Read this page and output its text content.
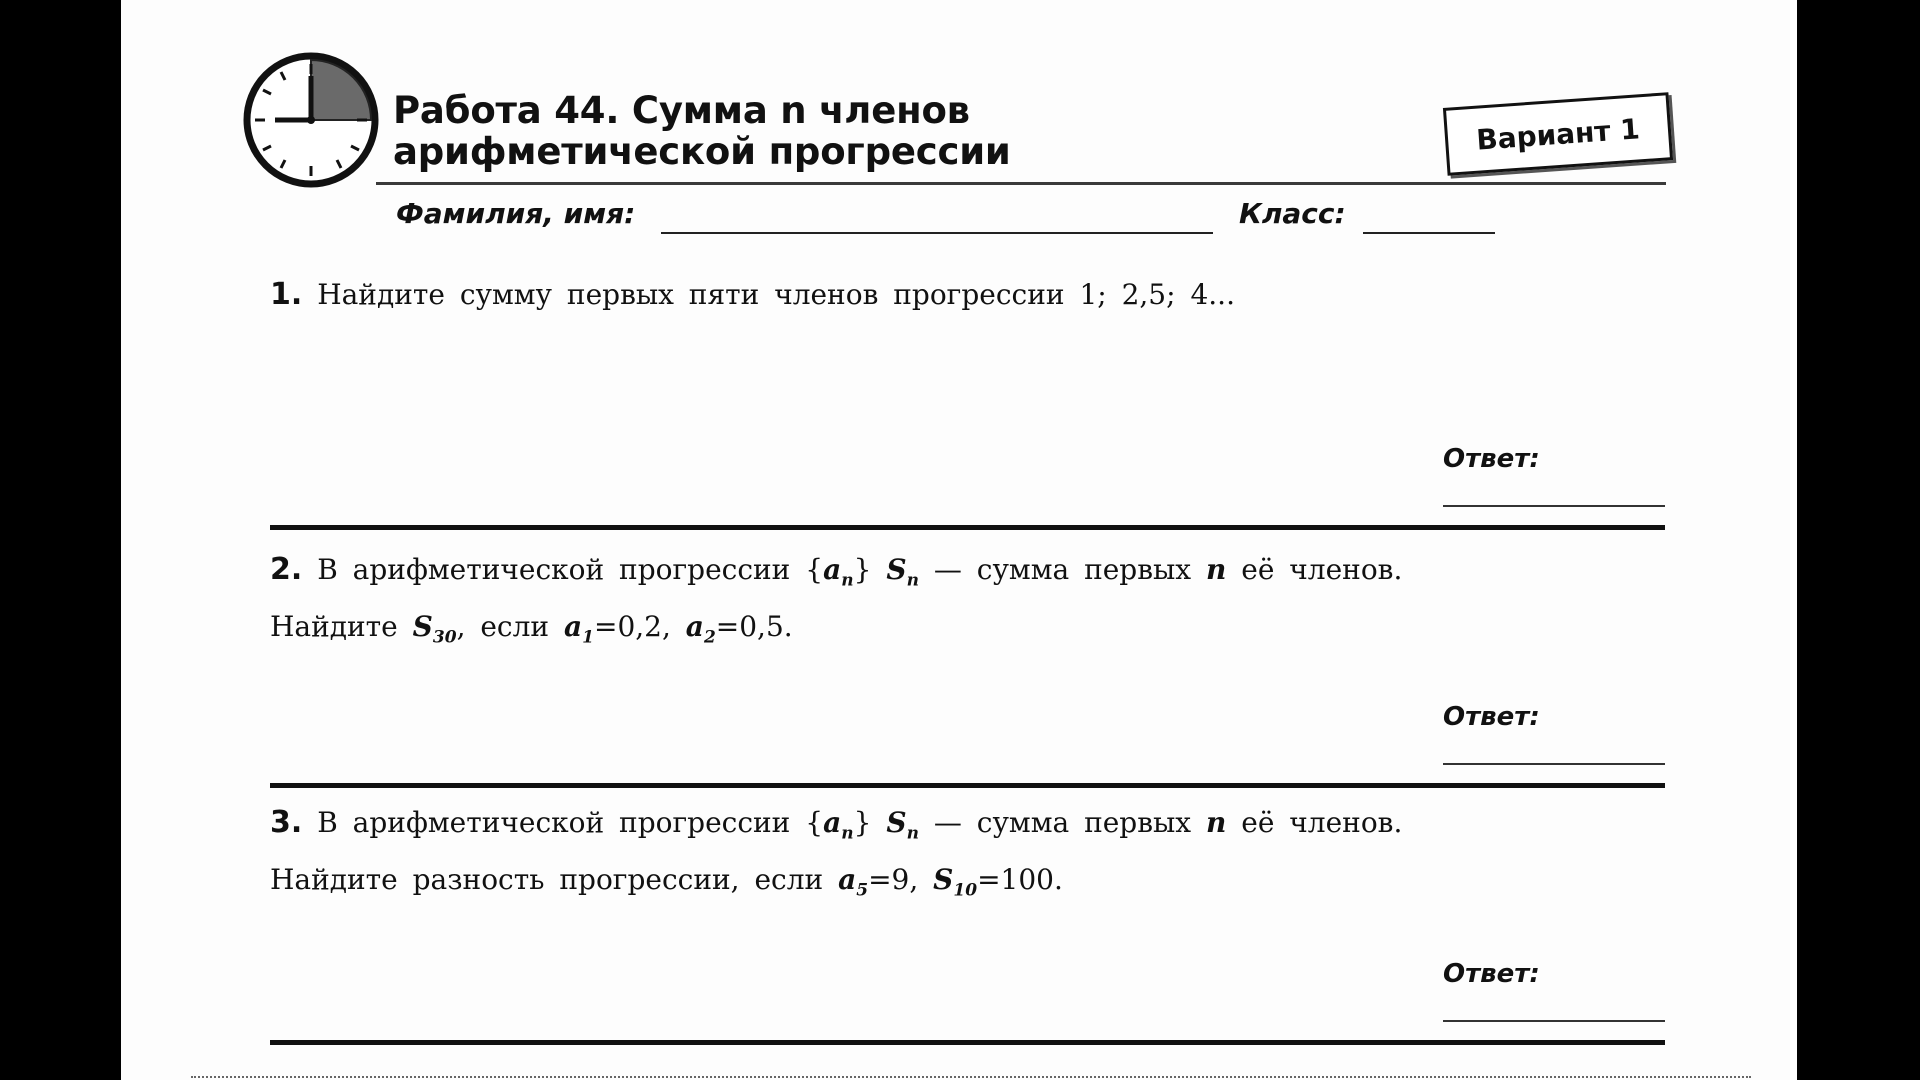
Работа 44. Сумма n членов
арифметической прогрессии	Вариант 1
Фамилия, имя:	Класс:
1. Найдите сумму первых пяти членов прогрессии 1; 2,5; 4...
Ответ:
2. В арифметической прогрессии $\{a_n\}$ $S_n$ — сумма первых n её членов.
Найдите $S_{30}$, если $a_1=0,2$, $a_2=0,5$.
Ответ:
3. В арифметической прогрессии $\{a_n\}$ $S_n$ — сумма первых n её членов.
Найдите разность прогрессии, если $a_5=9$, $S_{10}=100$.
Ответ:
